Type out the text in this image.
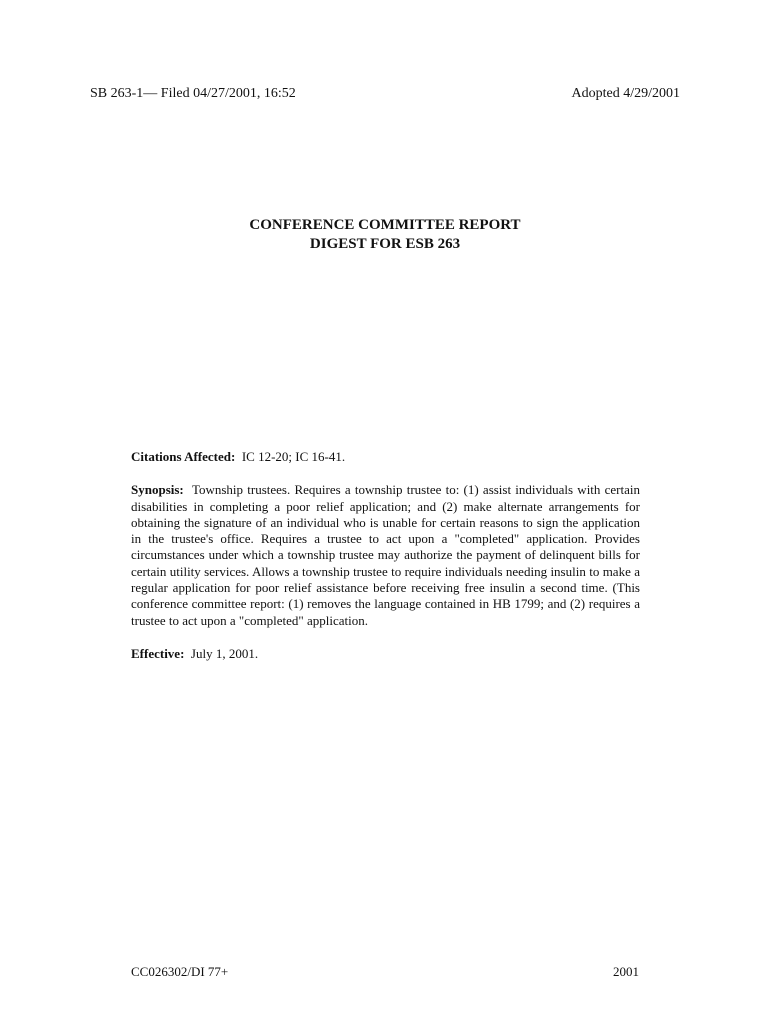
SB 263-1— Filed 04/27/2001, 16:52	Adopted 4/29/2001
CONFERENCE COMMITTEE REPORT
DIGEST FOR ESB 263

Citations Affected: IC 12-20; IC 16-41.

Synopsis: Township trustees. Requires a township trustee to: (1) assist individuals with certain disabilities in completing a poor relief application; and (2) make alternate arrangements for obtaining the signature of an individual who is unable for certain reasons to sign the application in the trustee's office. Requires a trustee to act upon a "completed" application. Provides circumstances under which a township trustee may authorize the payment of delinquent bills for certain utility services. Allows a township trustee to require individuals needing insulin to make a regular application for poor relief assistance before receiving free insulin a second time. (This conference committee report: (1) removes the language contained in HB 1799; and (2) requires a trustee to act upon a "completed" application.

Effective: July 1, 2001.

CC026302/DI 77+	2001
